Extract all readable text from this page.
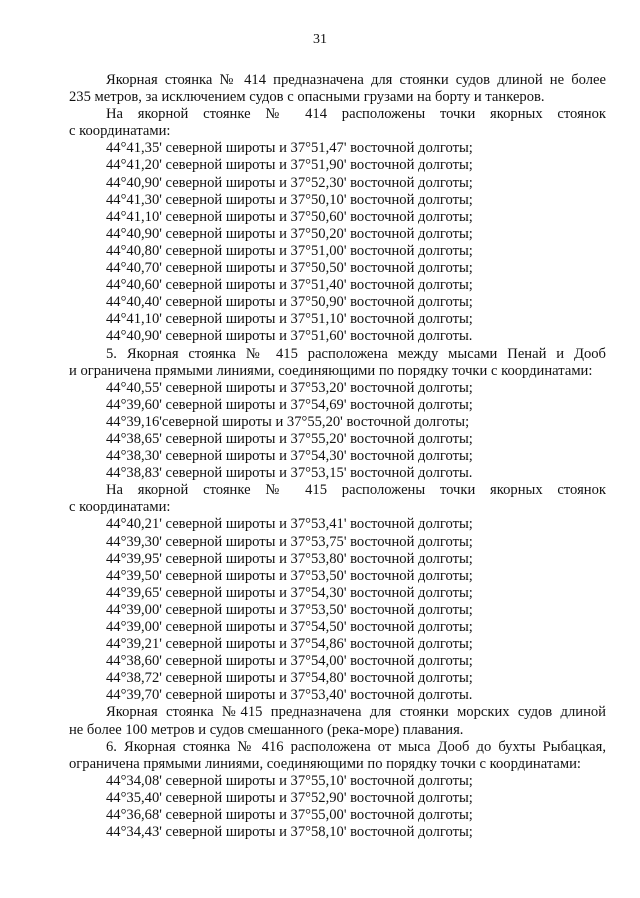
31
Якорная стоянка № 414 предназначена для стоянки судов длиной не более
235 метров, за исключением судов с опасными грузами на борту и танкеров.
На якорной стоянке № 414 расположены точки якорных стоянок
с координатами:
44°41,35' северной широты и 37°51,47' восточной долготы;
44°41,20' северной широты и 37°51,90' восточной долготы;
44°40,90' северной широты и 37°52,30' восточной долготы;
44°41,30' северной широты и 37°50,10' восточной долготы;
44°41,10' северной широты и 37°50,60' восточной долготы;
44°40,90' северной широты и 37°50,20' восточной долготы;
44°40,80' северной широты и 37°51,00' восточной долготы;
44°40,70' северной широты и 37°50,50' восточной долготы;
44°40,60' северной широты и 37°51,40' восточной долготы;
44°40,40' северной широты и 37°50,90' восточной долготы;
44°41,10' северной широты и 37°51,10' восточной долготы;
44°40,90' северной широты и 37°51,60' восточной долготы.
5. Якорная стоянка № 415 расположена между мысами Пенай и Дооб
и ограничена прямыми линиями, соединяющими по порядку точки с координатами:
44°40,55' северной широты и 37°53,20' восточной долготы;
44°39,60' северной широты и 37°54,69' восточной долготы;
44°39,16'северной широты и 37°55,20' восточной долготы;
44°38,65' северной широты и 37°55,20' восточной долготы;
44°38,30' северной широты и 37°54,30' восточной долготы;
44°38,83' северной широты и 37°53,15' восточной долготы.
На якорной стоянке № 415 расположены точки якорных стоянок
с координатами:
44°40,21' северной широты и 37°53,41' восточной долготы;
44°39,30' северной широты и 37°53,75' восточной долготы;
44°39,95' северной широты и 37°53,80' восточной долготы;
44°39,50' северной широты и 37°53,50' восточной долготы;
44°39,65' северной широты и 37°54,30' восточной долготы;
44°39,00' северной широты и 37°53,50' восточной долготы;
44°39,00' северной широты и 37°54,50' восточной долготы;
44°39,21' северной широты и 37°54,86' восточной долготы;
44°38,60' северной широты и 37°54,00' восточной долготы;
44°38,72' северной широты и 37°54,80' восточной долготы;
44°39,70' северной широты и 37°53,40' восточной долготы.
Якорная стоянка №415 предназначена для стоянки морских судов длиной
не более 100 метров и судов смешанного (река-море) плавания.
6. Якорная стоянка № 416 расположена от мыса Дооб до бухты Рыбацкая,
ограничена прямыми линиями, соединяющими по порядку точки с координатами:
44°34,08' северной широты и 37°55,10' восточной долготы;
44°35,40' северной широты и 37°52,90' восточной долготы;
44°36,68' северной широты и 37°55,00' восточной долготы;
44°34,43' северной широты и 37°58,10' восточной долготы;
